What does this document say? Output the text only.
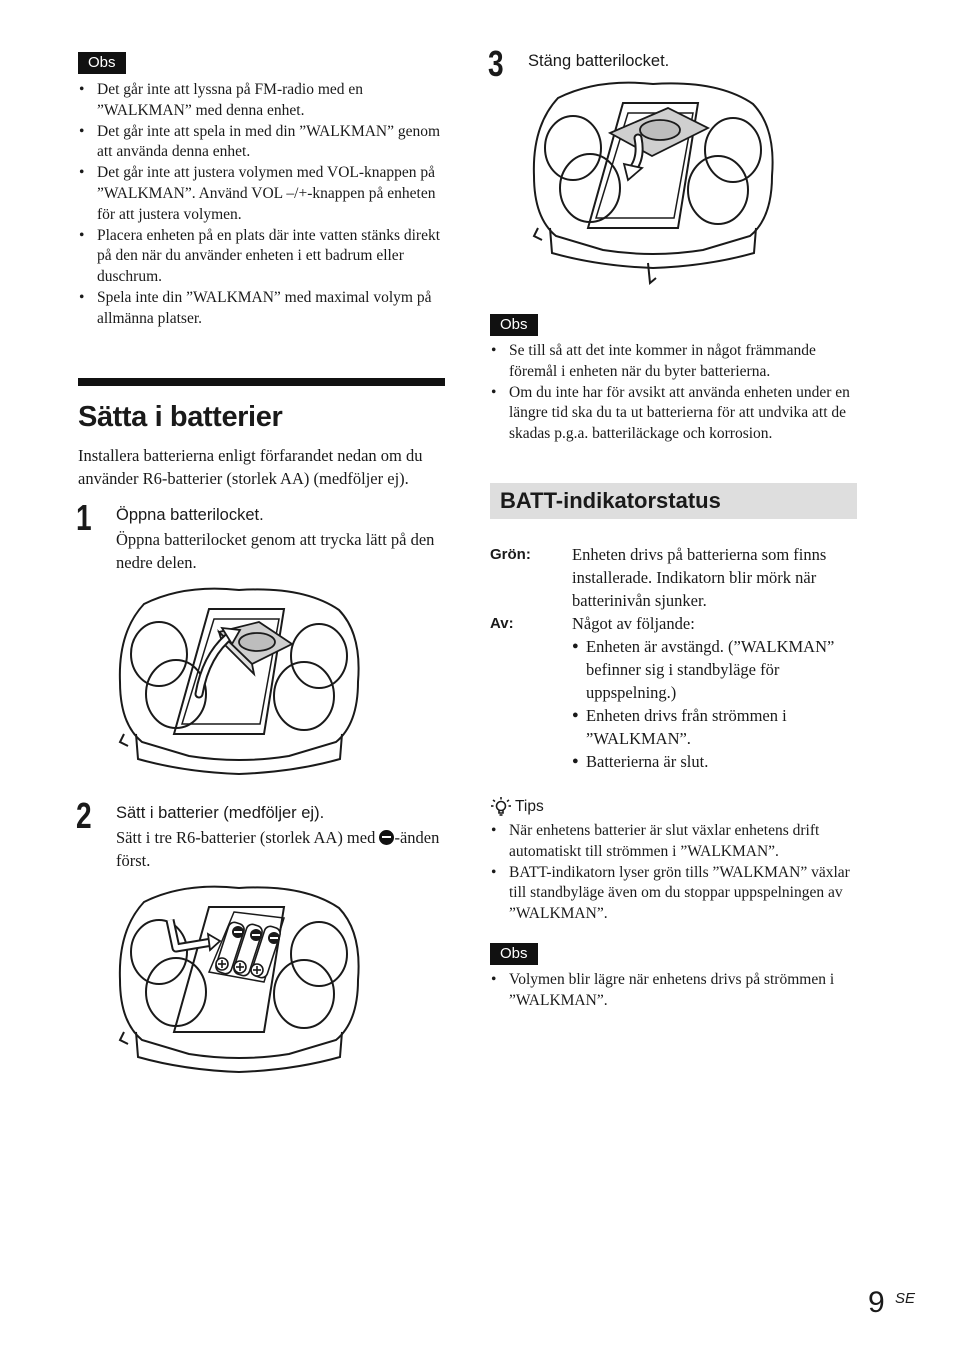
Obs
• Det går inte att lyssna på FM-radio med en ”WALKMAN” med denna enhet.
• Det går inte att spela in med din ”WALKMAN” genom att använda denna enhet.
• Det går inte att justera volymen med VOL-knappen på ”WALKMAN”. Använd VOL –/+-knappen på enheten för att justera volymen.
• Placera enheten på en plats där inte vatten stänks direkt på den när du använder enheten i ett badrum eller duschrum.
• Spela inte din ”WALKMAN” med maximal volym på allmänna platser.
Sätta i batterier

Installera batterierna enligt förfarandet nedan om du använder R6-batterier (storlek AA) (medföljer ej).

1 Öppna batterilocket.

Öppna batterilocket genom att trycka lätt på den nedre delen.

2 Sätt i batterier (medföljer ej).

Sätt i tre R6-batterier (storlek AA) med -änden först.

3 Stäng batterilocket.

Obs
• Se till så att det inte kommer in något främmande föremål i enheten när du byter batterierna.
• Om du inte har för avsikt att använda enheten under en längre tid ska du ta ut batterierna för att undvika att de skadas p.g.a. batteriläckage och korrosion.
BATT-indikatorstatus
Grön: Enheten drivs på batterierna som finns installerade. Indikatorn blir mörk när batterinivån sjunker.
Av:	Något av följande:
● Enheten är avstängd. (”WALKMAN” befinner sig i standbyläge för uppspelning.)
● Enheten drivs från strömmen i ”WALKMAN”.
● Batterierna är slut.
Tips
• När enhetens batterier är slut växlar enhetens drift automatiskt till strömmen i ”WALKMAN”.
• BATT-indikatorn lyser grön tills ”WALKMAN” växlar till standbyläge även om du stoppar uppspelningen av ”WALKMAN”.
Obs
• Volymen blir lägre när enhetens drivs på strömmen i ”WALKMAN”.
9 SE
